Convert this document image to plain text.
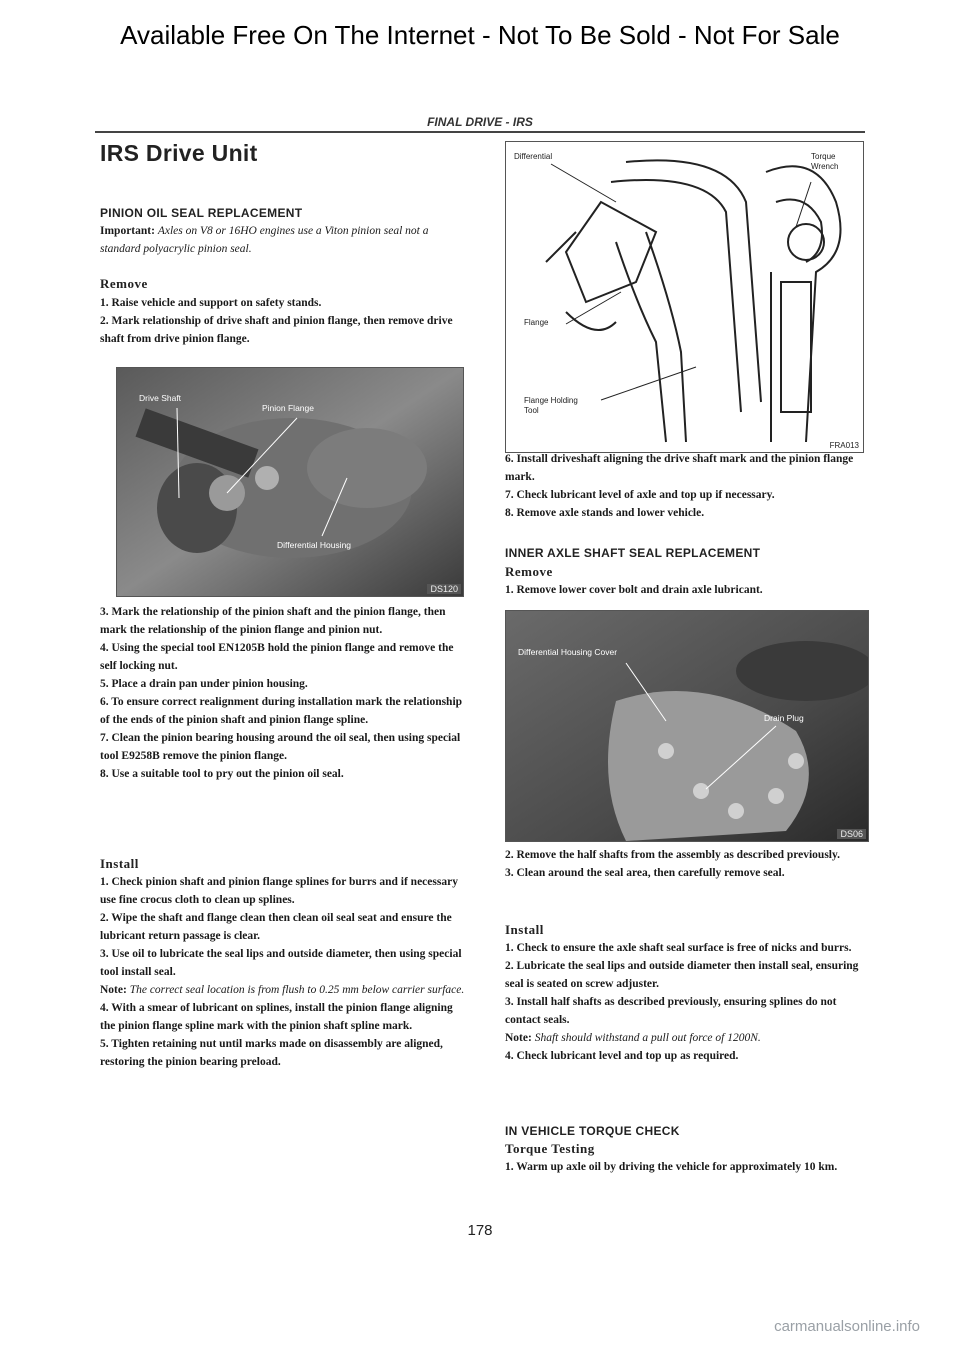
Available Free On The Internet - Not To Be Sold - Not For Sale
FINAL DRIVE - IRS
IRS Drive Unit
PINION OIL SEAL REPLACEMENT
Important: Axles on V8 or 16HO engines use a Viton pinion seal not a standard polyacrylic pinion seal.
Remove

1. Raise vehicle and support on safety stands.

2. Mark relationship of drive shaft and pinion flange, then remove drive shaft from drive pinion flange.

Drive Shaft
Pinion Flange
Differential Housing
DS120

3. Mark the relationship of the pinion shaft and the pinion flange, then mark the relationship of the pinion flange and pinion nut.

4. Using the special tool EN1205B hold the pinion flange and remove the self locking nut.

5. Place a drain pan under pinion housing.

6. To ensure correct realignment during installation mark the relationship of the ends of the pinion shaft and pinion flange spline.

7. Clean the pinion bearing housing around the oil seal, then using special tool E9258B remove the pinion flange.

8. Use a suitable tool to pry out the pinion oil seal.

Install

1. Check pinion shaft and pinion flange splines for burrs and if necessary use fine crocus cloth to clean up splines.

2. Wipe the shaft and flange clean then clean oil seal seat and ensure the lubricant return passage is clear.

3. Use oil to lubricate the seal lips and outside diameter, then using special tool install seal.

Note: The correct seal location is from flush to 0.25 mm below carrier surface.

4. With a smear of lubricant on splines, install the pinion flange aligning the pinion flange spline mark with the pinion shaft spline mark.

5. Tighten retaining nut until marks made on disassembly are aligned, restoring the pinion bearing preload.

Differential	Torque
Wrench
Flange
Flange Holding
Tool
FRA013

6. Install driveshaft aligning the drive shaft mark and the pinion flange mark.

7. Check lubricant level of axle and top up if necessary.

8. Remove axle stands and lower vehicle.

INNER AXLE SHAFT SEAL REPLACEMENT
Remove
1. Remove lower cover bolt and drain axle lubricant.
Differential Housing Cover
Drain Plug
DS06

2. Remove the half shafts from the assembly as described previously.

3. Clean around the seal area, then carefully remove seal.

Install

1. Check to ensure the axle shaft seal surface is free of nicks and burrs.

2. Lubricate the seal lips and outside diameter then install seal, ensuring seal is seated on screw adjuster.

3. Install half shafts as described previously, ensuring splines do not contact seals.

Note: Shaft should withstand a pull out force of 1200N.

4. Check lubricant level and top up as required.

IN VEHICLE TORQUE CHECK
Torque Testing
1. Warm up axle oil by driving the vehicle for approximately 10 km.
178
carmanualsonline.info
